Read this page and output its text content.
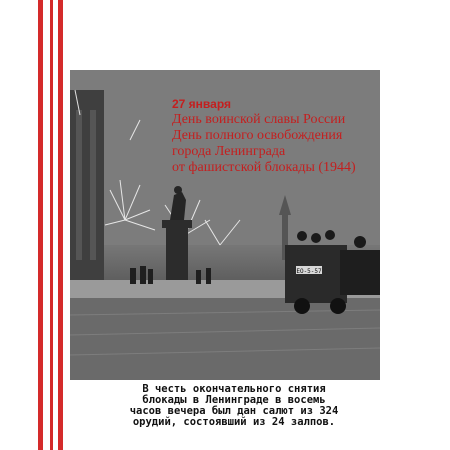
ЕО-5-57
27 января
День воинской славы России
День полного освобождения
города Ленинграда
от фашистской блокады (1944)
В честь окончательного снятия
блокады в Ленинграде в восемь
часов вечера был дан салют из 324
орудий, состоявший из 24 залпов.
